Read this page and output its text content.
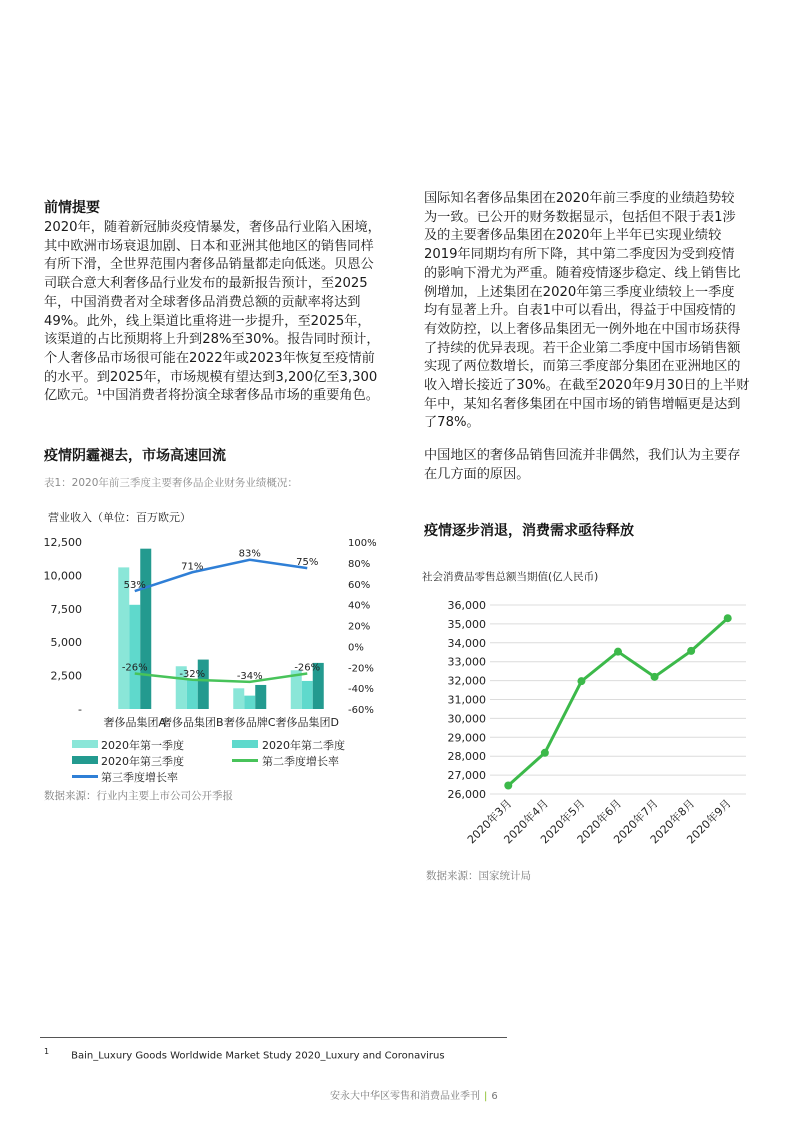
前情提要
2020年，随着新冠肺炎疫情暴发，奢侈品行业陷入困境，
其中欧洲市场衰退加剧、日本和亚洲其他地区的销售同样
有所下滑，全世界范围内奢侈品销量都走向低迷。贝恩公
司联合意大利奢侈品行业发布的最新报告预计，至2025
年，中国消费者对全球奢侈品消费总额的贡献率将达到
49%。此外，线上渠道比重将进一步提升，至2025年，
该渠道的占比预期将上升到28%至30%。报告同时预计，
个人奢侈品市场很可能在2022年或2023年恢复至疫情前
的水平。到2025年，市场规模有望达到3,200亿至3,300
亿欧元。¹中国消费者将扮演全球奢侈品市场的重要角色。
疫情阴霾褪去，市场高速回流
表1：2020年前三季度主要奢侈品企业财务业绩概况：
营业收入（单位：百万欧元）
12,500
10,000
7,500
5,000
2,500
-
100%
80%
60%
40%
20%
0%
-20%
-40%
-60%
奢侈品集团A
奢侈品集团B 奢侈品牌C 奢侈品集团D
-26%
-32%	-34%
-26%
53%
71%
83%
75%
2020年第一季度	2020年第二季度
2020年第三季度	第二季度增长率
第三季度增长率
数据来源：行业内主要上市公司公开季报
国际知名奢侈品集团在2020年前三季度的业绩趋势较
为一致。已公开的财务数据显示，包括但不限于表1涉
及的主要奢侈品集团在2020年上半年已实现业绩较
2019年同期均有所下降，其中第二季度因为受到疫情
的影响下滑尤为严重。随着疫情逐步稳定、线上销售比
例增加，上述集团在2020年第三季度业绩较上一季度
均有显著上升。自表1中可以看出，得益于中国疫情的
有效防控，以上奢侈品集团无一例外地在中国市场获得
了持续的优异表现。若干企业第二季度中国市场销售额
实现了两位数增长，而第三季度部分集团在亚洲地区的
收入增长接近了30%。在截至2020年9月30日的上半财
年中，某知名奢侈集团在中国市场的销售增幅更是达到
了78%。
中国地区的奢侈品销售回流并非偶然，我们认为主要存
在几方面的原因。
疫情逐步消退，消费需求亟待释放
社会消费品零售总额当期值(亿人民币)
36,000
35,000
34,000
33,000
32,000
31,000
30,000
29,000
28,000
27,000
26,000
2020年3月
2020年4月
2020年5月
2020年6月
2020年7月
2020年8月
2020年9月
数据来源：国家统计局
$^1$ Bain_Luxury Goods Worldwide Market Study 2020_Luxury and Coronavirus
安永大中华区零售和消费品业季刊 | 6
